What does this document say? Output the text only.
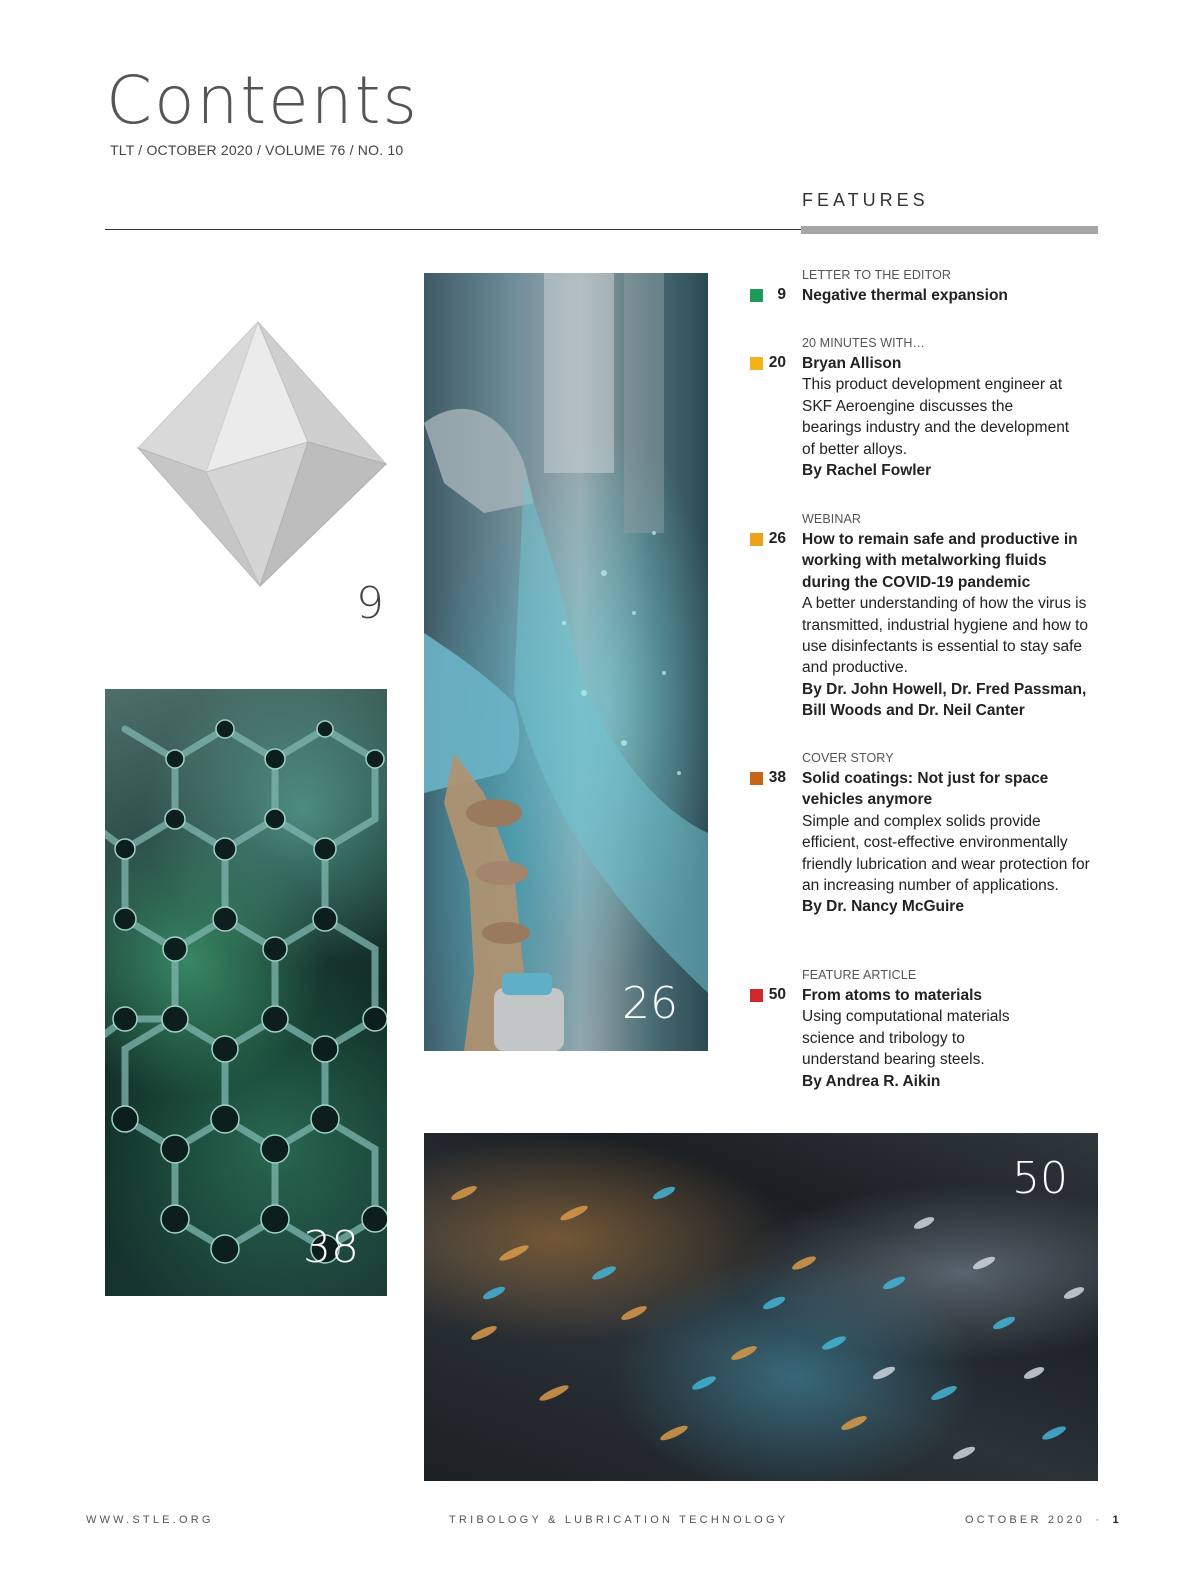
Contents
TLT / OCTOBER 2020 / VOLUME 76 / NO. 10
FEATURES
9
38
26
50
LETTER TO THE EDITOR
9 Negative thermal expansion
20 MINUTES WITH…
20 Bryan Allison
This product development engineer at SKF Aeroengine discusses the bearings industry and the development of better alloys.
By Rachel Fowler
WEBINAR
26 How to remain safe and productive in working with metalworking fluids during the COVID-19 pandemic
A better understanding of how the virus is transmitted, industrial hygiene and how to use disinfectants is essential to stay safe and productive.
By Dr. John Howell, Dr. Fred Passman, Bill Woods and Dr. Neil Canter
COVER STORY
38 Solid coatings: Not just for space vehicles anymore
Simple and complex solids provide efficient, cost-effective environmentally friendly lubrication and wear protection for an increasing number of applications.
By Dr. Nancy McGuire
FEATURE ARTICLE
50 From atoms to materials
Using computational materials science and tribology to understand bearing steels.
By Andrea R. Aikin
WWW.STLE.ORG	TRIBOLOGY & LUBRICATION TECHNOLOGY	OCTOBER 2020 · 1
